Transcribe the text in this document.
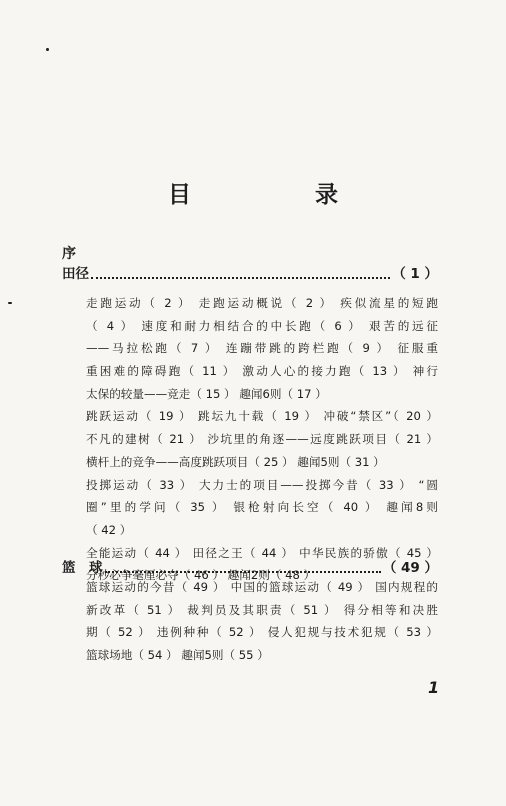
目　　录
序
田径	（ 1 ）
走跑运动（ 2 ） 走跑运动概说（ 2 ） 疾似流星的短跑
（ 4 ） 速度和耐力相结合的中长跑（ 6 ） 艰苦的远征
——马拉松跑（ 7 ） 连蹦带跳的跨栏跑（ 9 ） 征服重
重困难的障碍跑（ 11 ） 激动人心的接力跑（ 13 ） 神行
太保的较量——竞走（ 15 ） 趣闻6则（ 17 ）
跳跃运动（ 19 ） 跳坛九十载（ 19 ） 冲破“禁区”（ 20 ）
不凡的建树（ 21 ） 沙坑里的角逐——远度跳跃项目（ 21 ）
横杆上的竞争——高度跳跃项目（ 25 ） 趣闻5则（ 31 ）
投掷运动（ 33 ） 大力士的项目——投掷今昔（ 33 ） “圆
圈”里的学问（ 35 ） 银枪射向长空（ 40 ） 趣闻8则
（ 42 ）
全能运动（ 44 ） 田径之王（ 44 ） 中华民族的骄傲（ 45 ）
分秒必争毫厘必夺（ 46 ） 趣闻2则（ 48 ）
篮　球	（ 49 ）
篮球运动的今昔（ 49 ） 中国的篮球运动（ 49 ） 国内规程的
新改革（ 51 ） 裁判员及其职责（ 51 ） 得分相等和决胜
期（ 52 ） 违例种种（ 52 ） 侵人犯规与技术犯规（ 53 ）
篮球场地（ 54 ） 趣闻5则（ 55 ）
1
